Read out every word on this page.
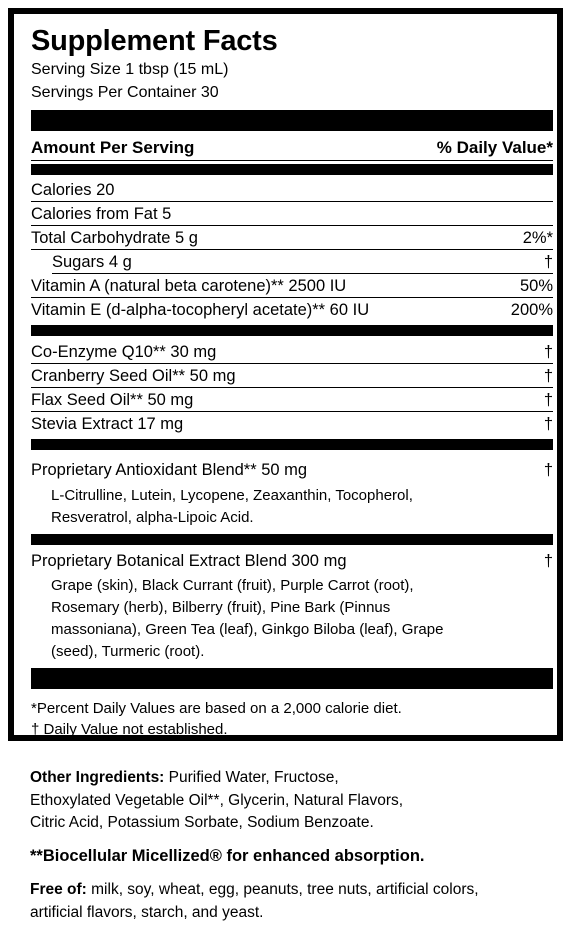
Supplement Facts
Serving Size 1 tbsp (15 mL)
Servings Per Container 30
Amount Per Serving	% Daily Value*
Calories 20
Calories from Fat 5
Total Carbohydrate 5 g	2%*
Sugars 4 g	†
Vitamin A (natural beta carotene)** 2500 IU	50%
Vitamin E (d-alpha-tocopheryl acetate)** 60 IU	200%
Co-Enzyme Q10** 30 mg	†
Cranberry Seed Oil** 50 mg	†
Flax Seed Oil** 50 mg	†
Stevia Extract 17 mg	†
Proprietary Antioxidant Blend** 50 mg	†
L-Citrulline, Lutein, Lycopene, Zeaxanthin, Tocopherol,
Resveratrol, alpha-Lipoic Acid.
Proprietary Botanical Extract Blend 300 mg	†
Grape (skin), Black Currant (fruit), Purple Carrot (root),
Rosemary (herb), Bilberry (fruit), Pine Bark (Pinnus
massoniana), Green Tea (leaf), Ginkgo Biloba (leaf), Grape
(seed), Turmeric (root).
*Percent Daily Values are based on a 2,000 calorie diet.
† Daily Value not established.
Other Ingredients: Purified Water, Fructose,
Ethoxylated Vegetable Oil**, Glycerin, Natural Flavors,
Citric Acid, Potassium Sorbate, Sodium Benzoate.
**Biocellular Micellized® for enhanced absorption.
Free of: milk, soy, wheat, egg, peanuts, tree nuts, artificial colors,
artificial flavors, starch, and yeast.
